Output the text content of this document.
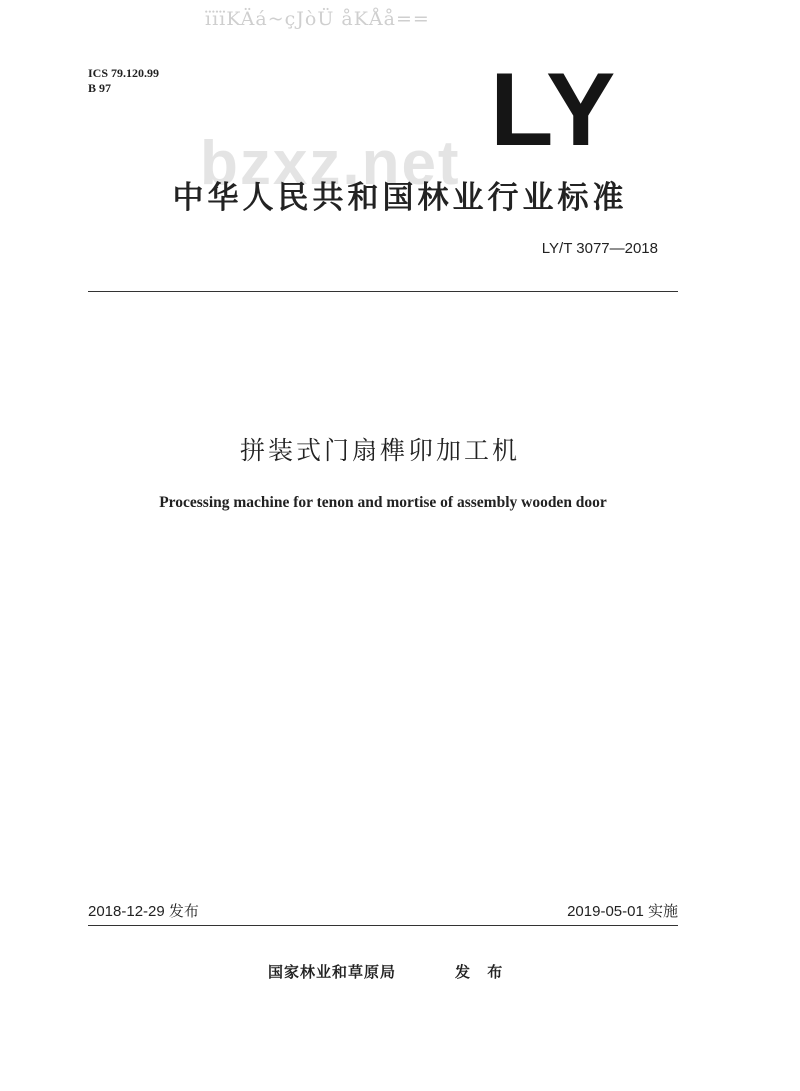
ïïïKÄá~çJòÜ åKÅå==
ICS 79.120.99
B 97
bzxz.net LY
中华人民共和国林业行业标准
LY/T 3077—2018
拼装式门扇榫卯加工机
Processing machine for tenon and mortise of assembly wooden door
2018-12-29 发布	2019-05-01 实施
国家林业和草原局	发 布
